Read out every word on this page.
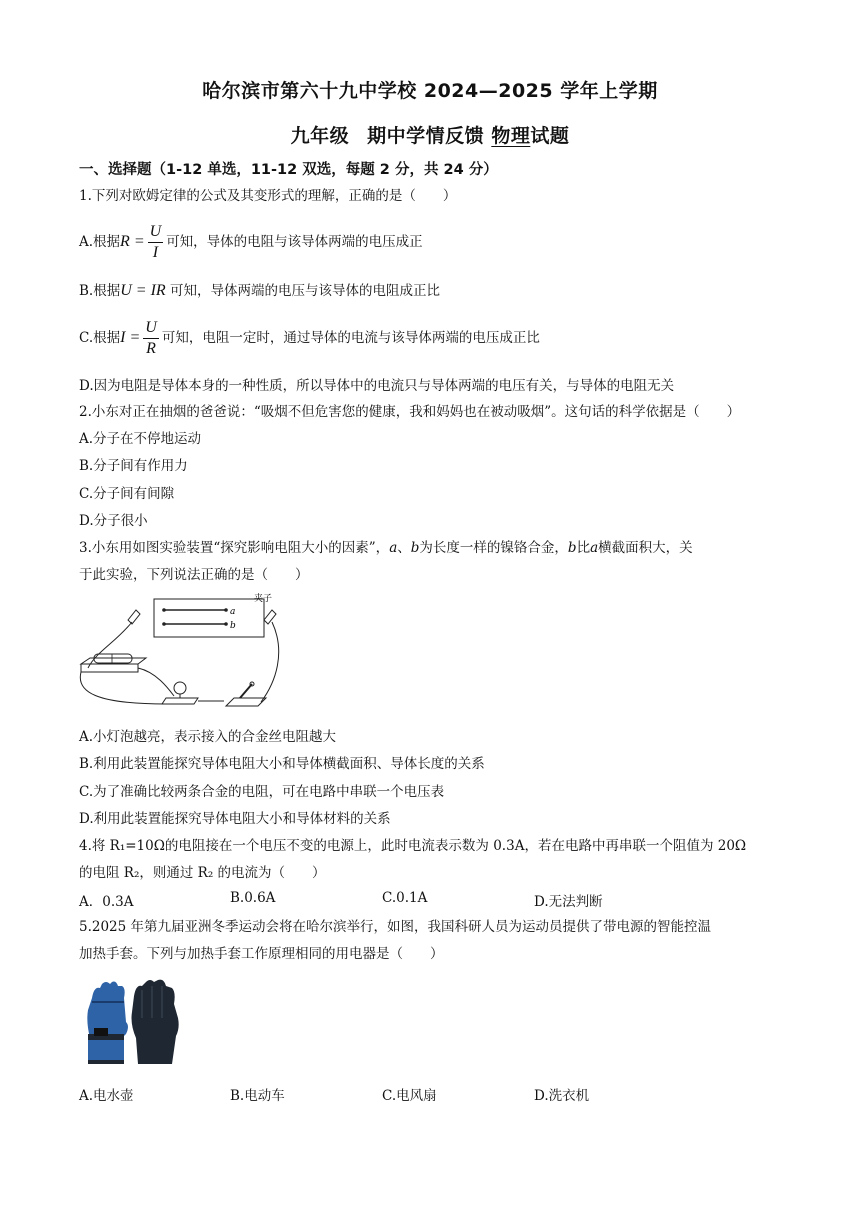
哈尔滨市第六十九中学校 2024—2025 学年上学期
九年级 期中学情反馈 物理试题
一、选择题（1-12 单选，11-12 双选，每题 2 分，共 24 分）
1.下列对欧姆定律的公式及其变形式的理解，正确的是（　　）
A.根据$R = \frac{U}{I}$ 可知，导体的电阻与该导体两端的电压成正
B.根据U = IR 可知，导体两端的电压与该导体的电阻成正比
C.根据$I = \frac{U}{R}$ 可知，电阻一定时，通过导体的电流与该导体两端的电压成正比
D.因为电阻是导体本身的一种性质，所以导体中的电流只与导体两端的电压有关，与导体的电阻无关
2.小东对正在抽烟的爸爸说：“吸烟不但危害您的健康，我和妈妈也在被动吸烟”。这句话的科学依据是（　　）
A.分子在不停地运动
B.分子间有作用力
C.分子间有间隙
D.分子很小
3.小东用如图实验装置“探究影响电阻大小的因素”，a、b为长度一样的镍铬合金，b比a横截面积大，关
于此实验，下列说法正确的是（　　）
a
b
夹子
A.小灯泡越亮，表示接入的合金丝电阻越大
B.利用此装置能探究导体电阻大小和导体横截面积、导体长度的关系
C.为了准确比较两条合金的电阻，可在电路中串联一个电压表
D.利用此装置能探究导体电阻大小和导体材料的关系
4.将 R₁=10Ω的电阻接在一个电压不变的电源上，此时电流表示数为 0.3A，若在电路中再串联一个阻值为 20Ω
的电阻 R₂，则通过 R₂ 的电流为（　　）
A．0.3A	B.0.6A	C.0.1A	D.无法判断
5.2025 年第九届亚洲冬季运动会将在哈尔滨举行，如图，我国科研人员为运动员提供了带电源的智能控温
加热手套。下列与加热手套工作原理相同的用电器是（　　）
A.电水壶	B.电动车	C.电风扇	D.洗衣机
